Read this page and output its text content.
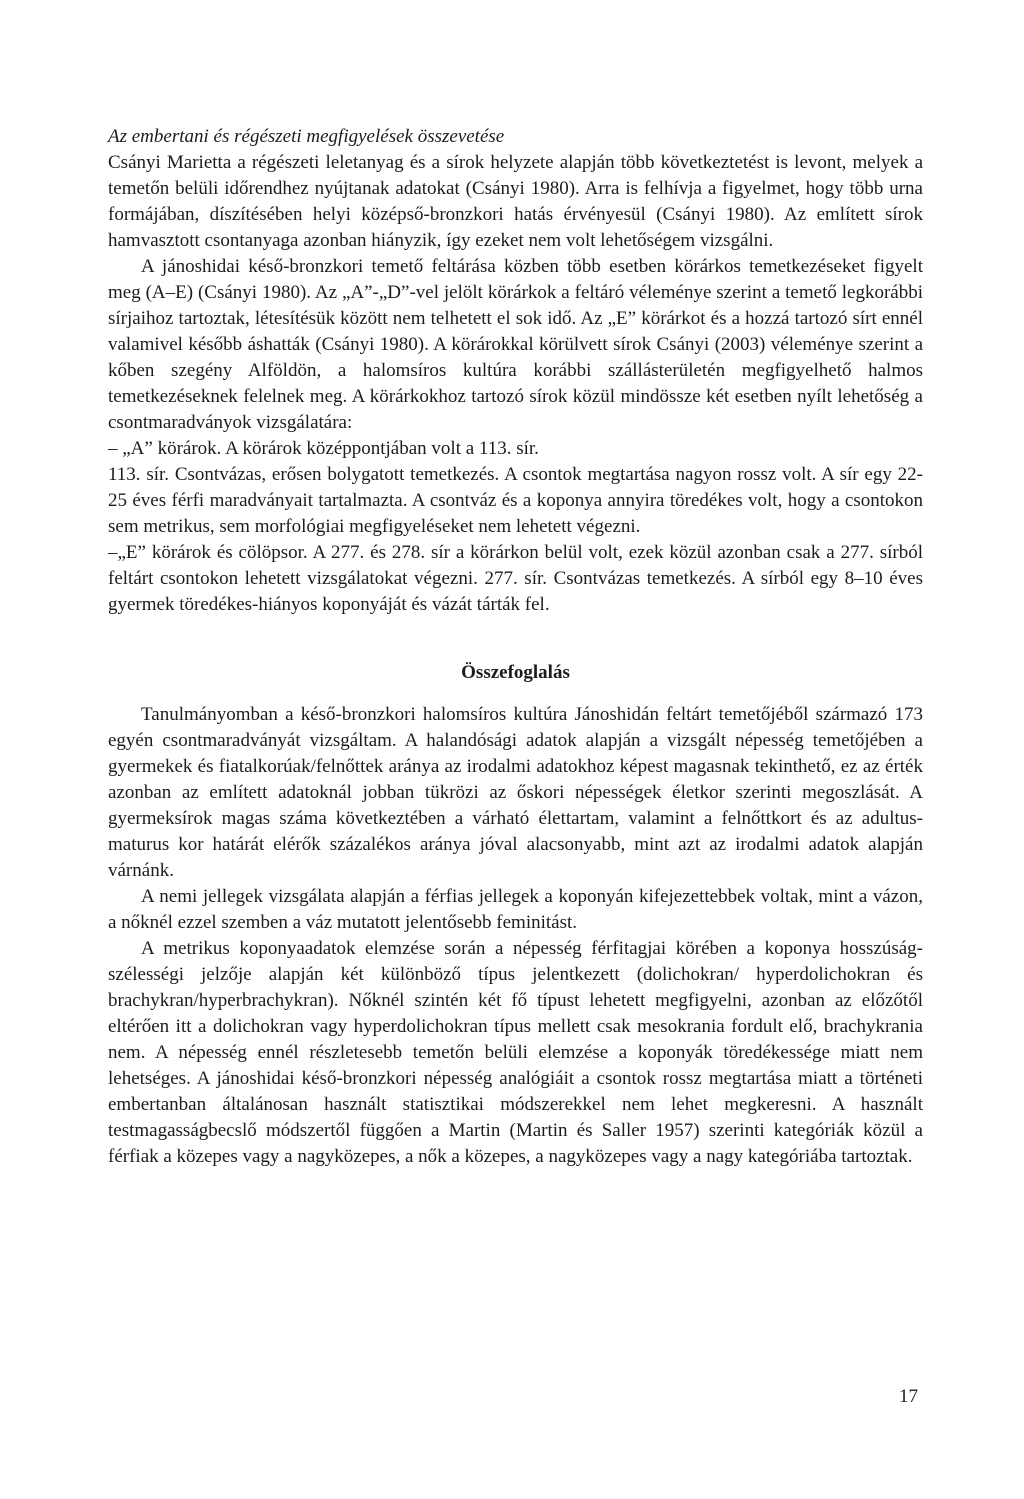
Az embertani és régészeti megfigyelések összevetése

Csányi Marietta a régészeti leletanyag és a sírok helyzete alapján több következtetést is levont, melyek a temetőn belüli időrendhez nyújtanak adatokat (Csányi 1980). Arra is felhívja a figyelmet, hogy több urna formájában, díszítésében helyi középső-bronzkori hatás érvényesül (Csányi 1980). Az említett sírok hamvasztott csontanyaga azonban hiányzik, így ezeket nem volt lehetőségem vizsgálni.

A jánoshidai késő-bronzkori temető feltárása közben több esetben körárkos temetkezéseket figyelt meg (A–E) (Csányi 1980). Az „A”-„D”-vel jelölt körárkok a feltáró véleménye szerint a temető legkorábbi sírjaihoz tartoztak, létesítésük között nem telhetett el sok idő. Az „E” körárkot és a hozzá tartozó sírt ennél valamivel később áshatták (Csányi 1980). A körárokkal körülvett sírok Csányi (2003) véleménye szerint a kőben szegény Alföldön, a halomsíros kultúra korábbi szállásterületén megfigyelhető halmos temetkezéseknek felelnek meg. A körárkokhoz tartozó sírok közül mindössze két esetben nyílt lehetőség a csontmaradványok vizsgálatára:

– „A” körárok. A körárok középpontjában volt a 113. sír.

113. sír. Csontvázas, erősen bolygatott temetkezés. A csontok megtartása nagyon rossz volt. A sír egy 22-25 éves férfi maradványait tartalmazta. A csontváz és a koponya annyira töredékes volt, hogy a csontokon sem metrikus, sem morfológiai megfigyeléseket nem lehetett végezni.

–„E” körárok és cölöpsor. A 277. és 278. sír a körárkon belül volt, ezek közül azonban csak a 277. sírból feltárt csontokon lehetett vizsgálatokat végezni. 277. sír. Csontvázas temetkezés. A sírból egy 8–10 éves gyermek töredékes-hiányos koponyáját és vázát tárták fel.

Összefoglalás

Tanulmányomban a késő-bronzkori halomsíros kultúra Jánoshidán feltárt temetőjéből származó 173 egyén csontmaradványát vizsgáltam. A halandósági adatok alapján a vizsgált népesség temetőjében a gyermekek és fiatalkorúak/felnőttek aránya az irodalmi adatokhoz képest magasnak tekinthető, ez az érték azonban az említett adatoknál jobban tükrözi az őskori népességek életkor szerinti megoszlását. A gyermeksírok magas száma következtében a várható élettartam, valamint a felnőttkort és az adultus-maturus kor határát elérők százalékos aránya jóval alacsonyabb, mint azt az irodalmi adatok alapján várnánk.

A nemi jellegek vizsgálata alapján a férfias jellegek a koponyán kifejezettebbek voltak, mint a vázon, a nőknél ezzel szemben a váz mutatott jelentősebb feminitást.

A metrikus koponyaadatok elemzése során a népesség férfitagjai körében a koponya hosszúság-szélességi jelzője alapján két különböző típus jelentkezett (dolichokran/ hyperdolichokran és brachykran/hyperbrachykran). Nőknél szintén két fő típust lehetett megfigyelni, azonban az előzőtől eltérően itt a dolichokran vagy hyperdolichokran típus mellett csak mesokrania fordult elő, brachykrania nem. A népesség ennél részletesebb temetőn belüli elemzése a koponyák töredékessége miatt nem lehetséges. A jánoshidai késő-bronzkori népesség analógiáit a csontok rossz megtartása miatt a történeti embertanban általánosan használt statisztikai módszerekkel nem lehet megkeresni. A használt testmagasságbecslő módszertől függően a Martin (Martin és Saller 1957) szerinti kategóriák közül a férfiak a közepes vagy a nagyközepes, a nők a közepes, a nagyközepes vagy a nagy kategóriába tartoztak.

17
